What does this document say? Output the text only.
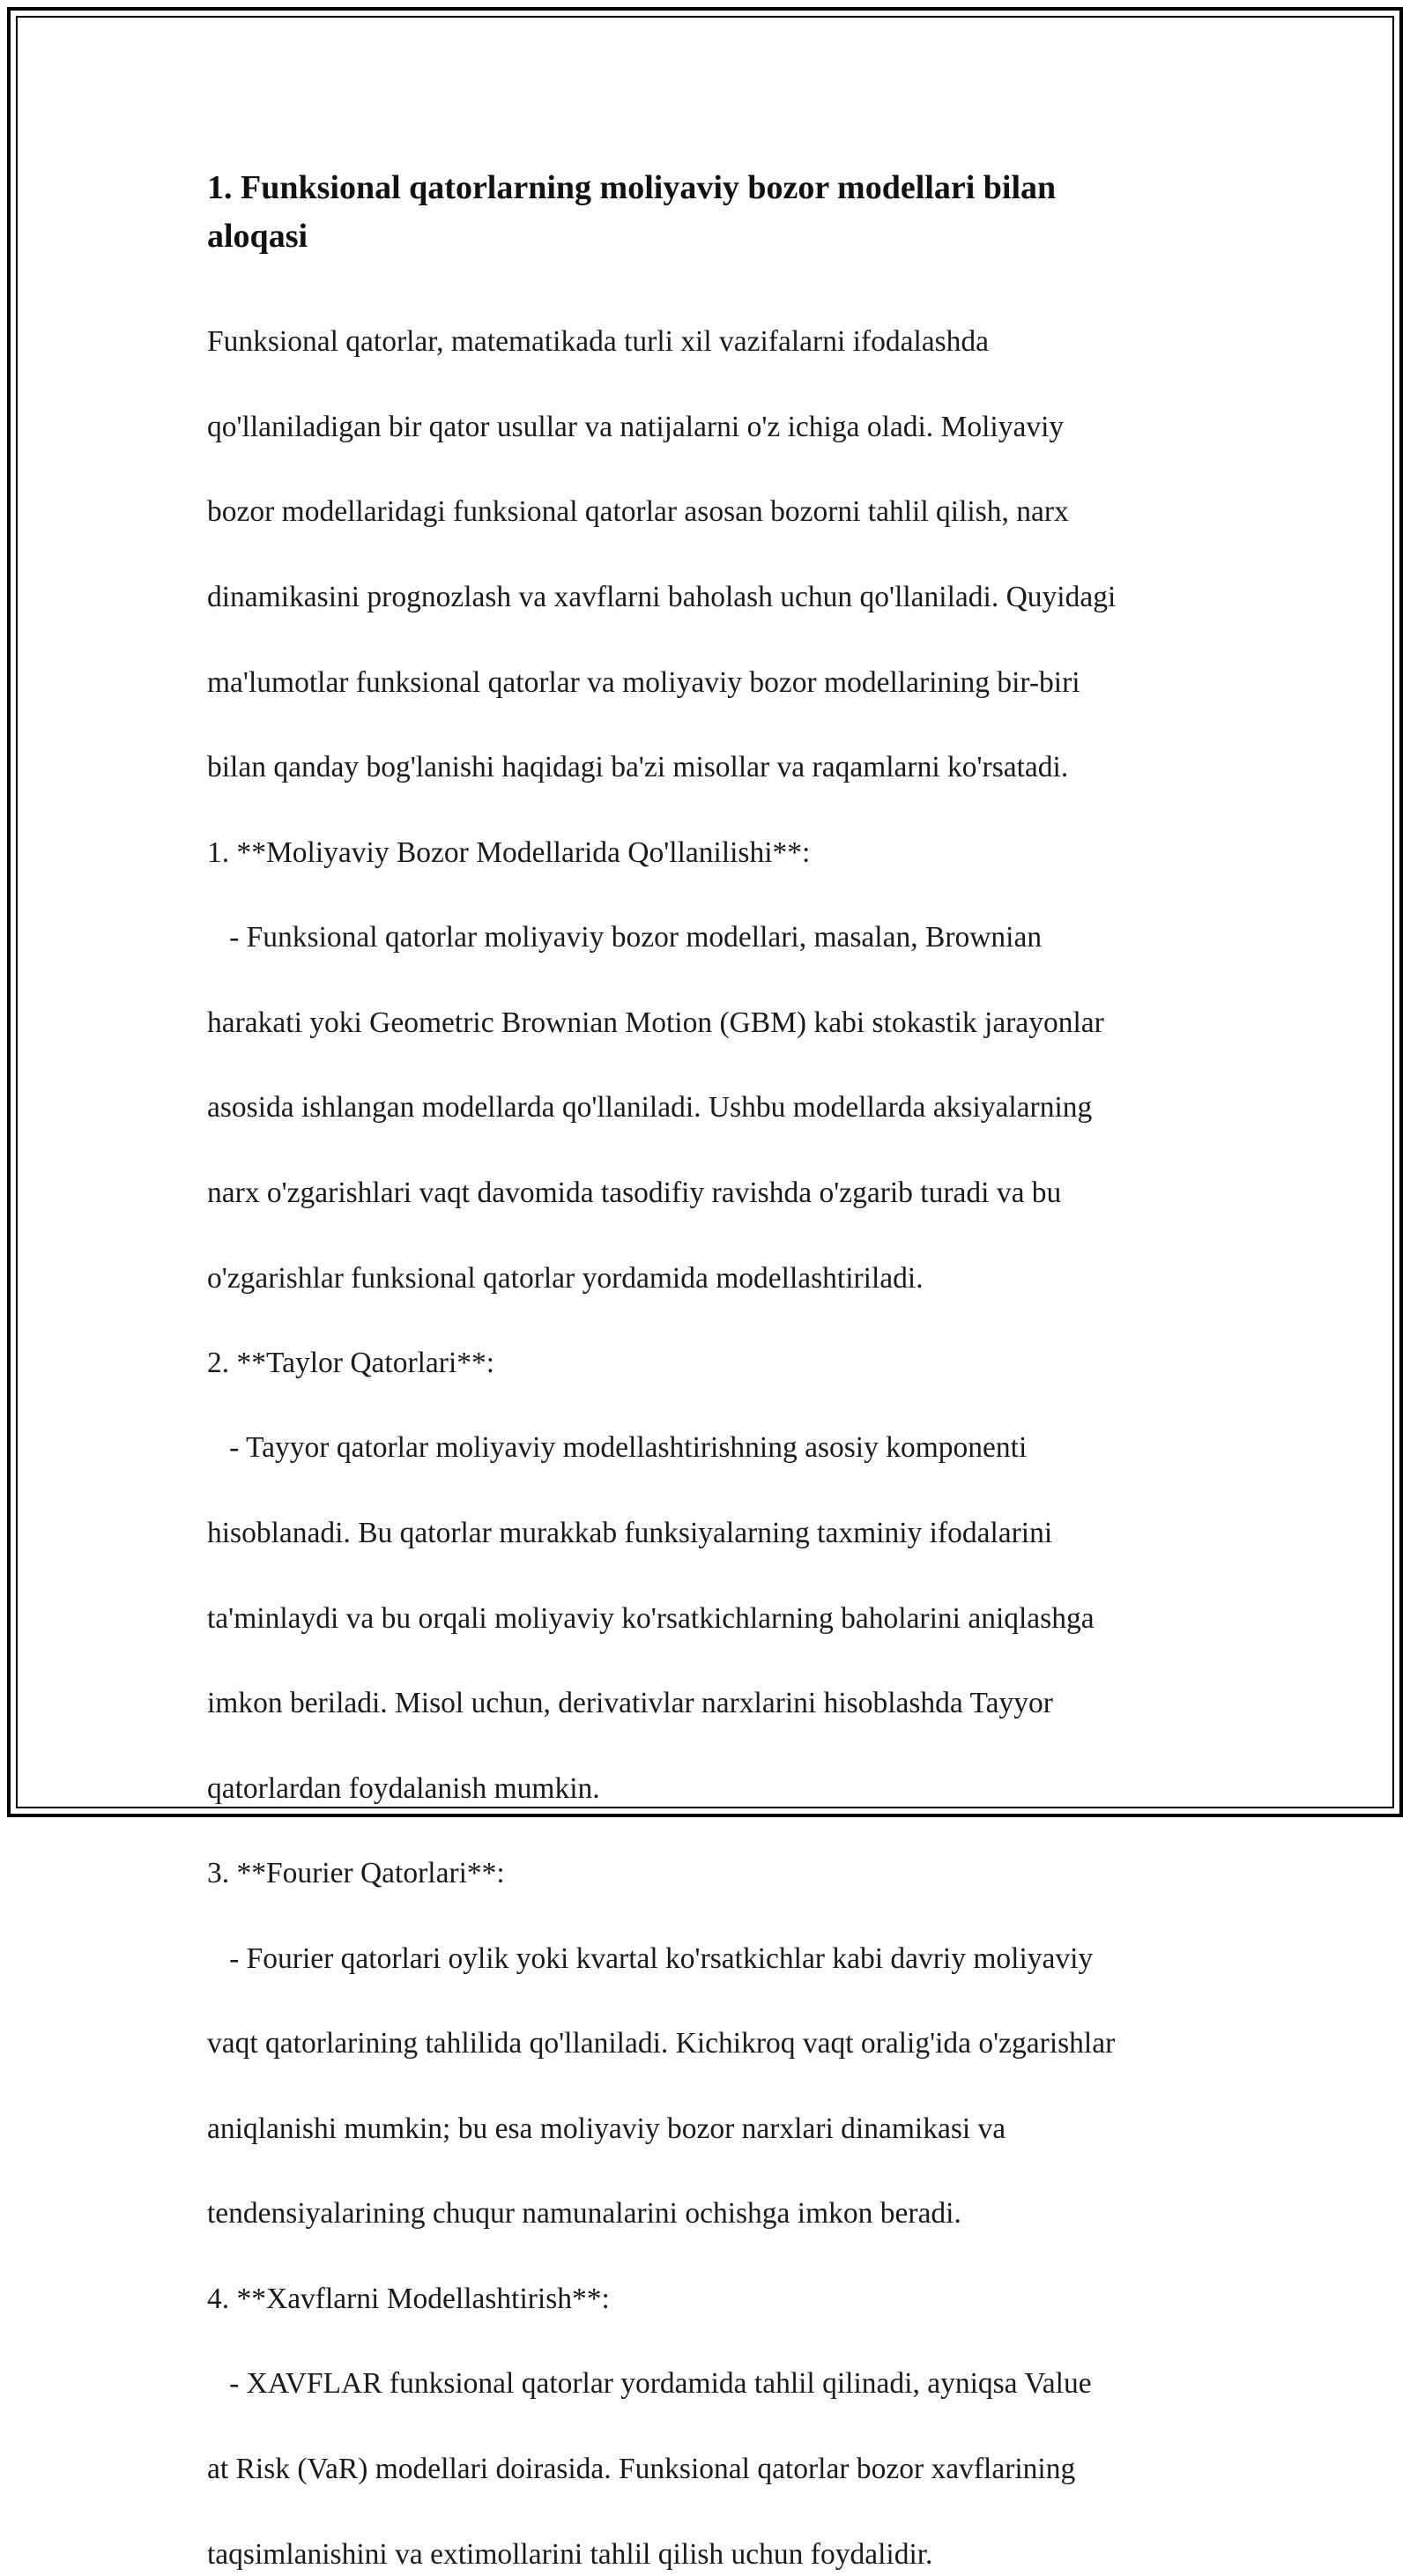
1. Funksional qatorlarning moliyaviy bozor modellari bilan
aloqasi

Funksional qatorlar, matematikada turli xil vazifalarni ifodalashda

qo'llaniladigan bir qator usullar va natijalarni o'z ichiga oladi. Moliyaviy

bozor modellaridagi funksional qatorlar asosan bozorni tahlil qilish, narx

dinamikasini prognozlash va xavflarni baholash uchun qo'llaniladi. Quyidagi

ma'lumotlar funksional qatorlar va moliyaviy bozor modellarining bir-biri

bilan qanday bog'lanishi haqidagi ba'zi misollar va raqamlarni ko'rsatadi.

1. **Moliyaviy Bozor Modellarida Qo'llanilishi**:

- Funksional qatorlar moliyaviy bozor modellari, masalan, Brownian

harakati yoki Geometric Brownian Motion (GBM) kabi stokastik jarayonlar

asosida ishlangan modellarda qo'llaniladi. Ushbu modellarda aksiyalarning

narx o'zgarishlari vaqt davomida tasodifiy ravishda o'zgarib turadi va bu

o'zgarishlar funksional qatorlar yordamida modellashtiriladi.

2. **Taylor Qatorlari**:

- Tayyor qatorlar moliyaviy modellashtirishning asosiy komponenti

hisoblanadi. Bu qatorlar murakkab funksiyalarning taxminiy ifodalarini

ta'minlaydi va bu orqali moliyaviy ko'rsatkichlarning baholarini aniqlashga

imkon beriladi. Misol uchun, derivativlar narxlarini hisoblashda Tayyor

qatorlardan foydalanish mumkin.

3. **Fourier Qatorlari**:

- Fourier qatorlari oylik yoki kvartal ko'rsatkichlar kabi davriy moliyaviy

vaqt qatorlarining tahlilida qo'llaniladi. Kichikroq vaqt oralig'ida o'zgarishlar

aniqlanishi mumkin; bu esa moliyaviy bozor narxlari dinamikasi va

tendensiyalarining chuqur namunalarini ochishga imkon beradi.

4. **Xavflarni Modellashtirish**:

- XAVFLAR funksional qatorlar yordamida tahlil qilinadi, ayniqsa Value

at Risk (VaR) modellari doirasida. Funksional qatorlar bozor xavflarining

taqsimlanishini va extimollarini tahlil qilish uchun foydalidir.
